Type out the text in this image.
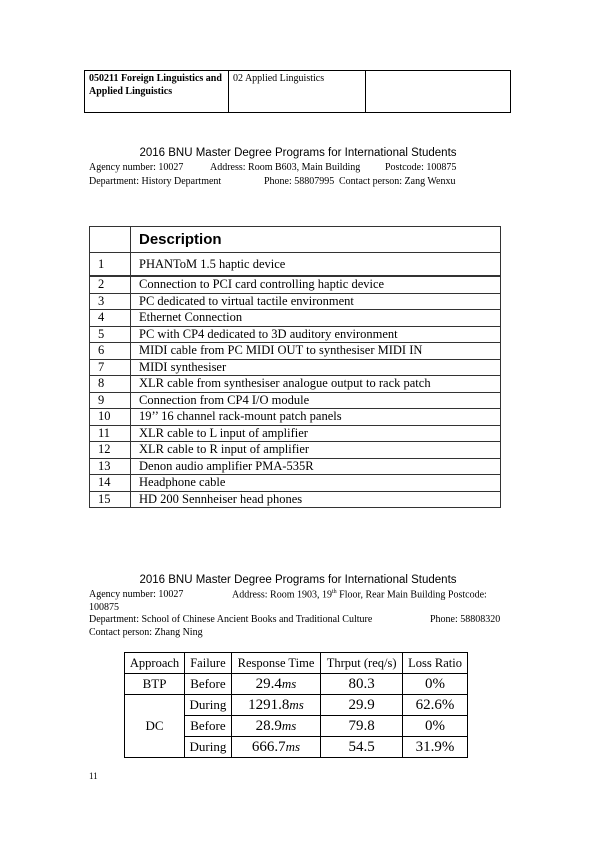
050211 Foreign Linguistics and Applied Linguistics	02 Applied Linguistics	
2016 BNU Master Degree Programs for International Students
Agency number: 10027	Address: Room B603, Main Building Postcode: 100875
Department: History Department	Phone: 58807995 Contact person: Zang Wenxu
	Description
1	PHANToM 1.5 haptic device
2	Connection to PCI card controlling haptic device
3	PC dedicated to virtual tactile environment
4	Ethernet Connection
5	PC with CP4 dedicated to 3D auditory environment
6	MIDI cable from PC MIDI OUT to synthesiser MIDI IN
7	MIDI synthesiser
8	XLR cable from synthesiser analogue output to rack patch
9	Connection from CP4 I/O module
10	19’’ 16 channel rack-mount patch panels
11	XLR cable to L input of amplifier
12	XLR cable to R input of amplifier
13	Denon audio amplifier PMA-535R
14	Headphone cable
15	HD 200 Sennheiser head phones
2016 BNU Master Degree Programs for International Students
Agency number: 10027	Address: Room 1903, 19th Floor, Rear Main Building Postcode:
100875
Department: School of Chinese Ancient Books and Traditional Culture	Phone: 58808320
Contact person: Zhang Ning
Approach	Failure	Response Time	Thrput (req/s)	Loss Ratio
BTP	Before	29.4ms	80.3	0%
DC	During	1291.8ms	29.9	62.6%
	Before	28.9ms	79.8	0%
	During	666.7ms	54.5	31.9%
11
